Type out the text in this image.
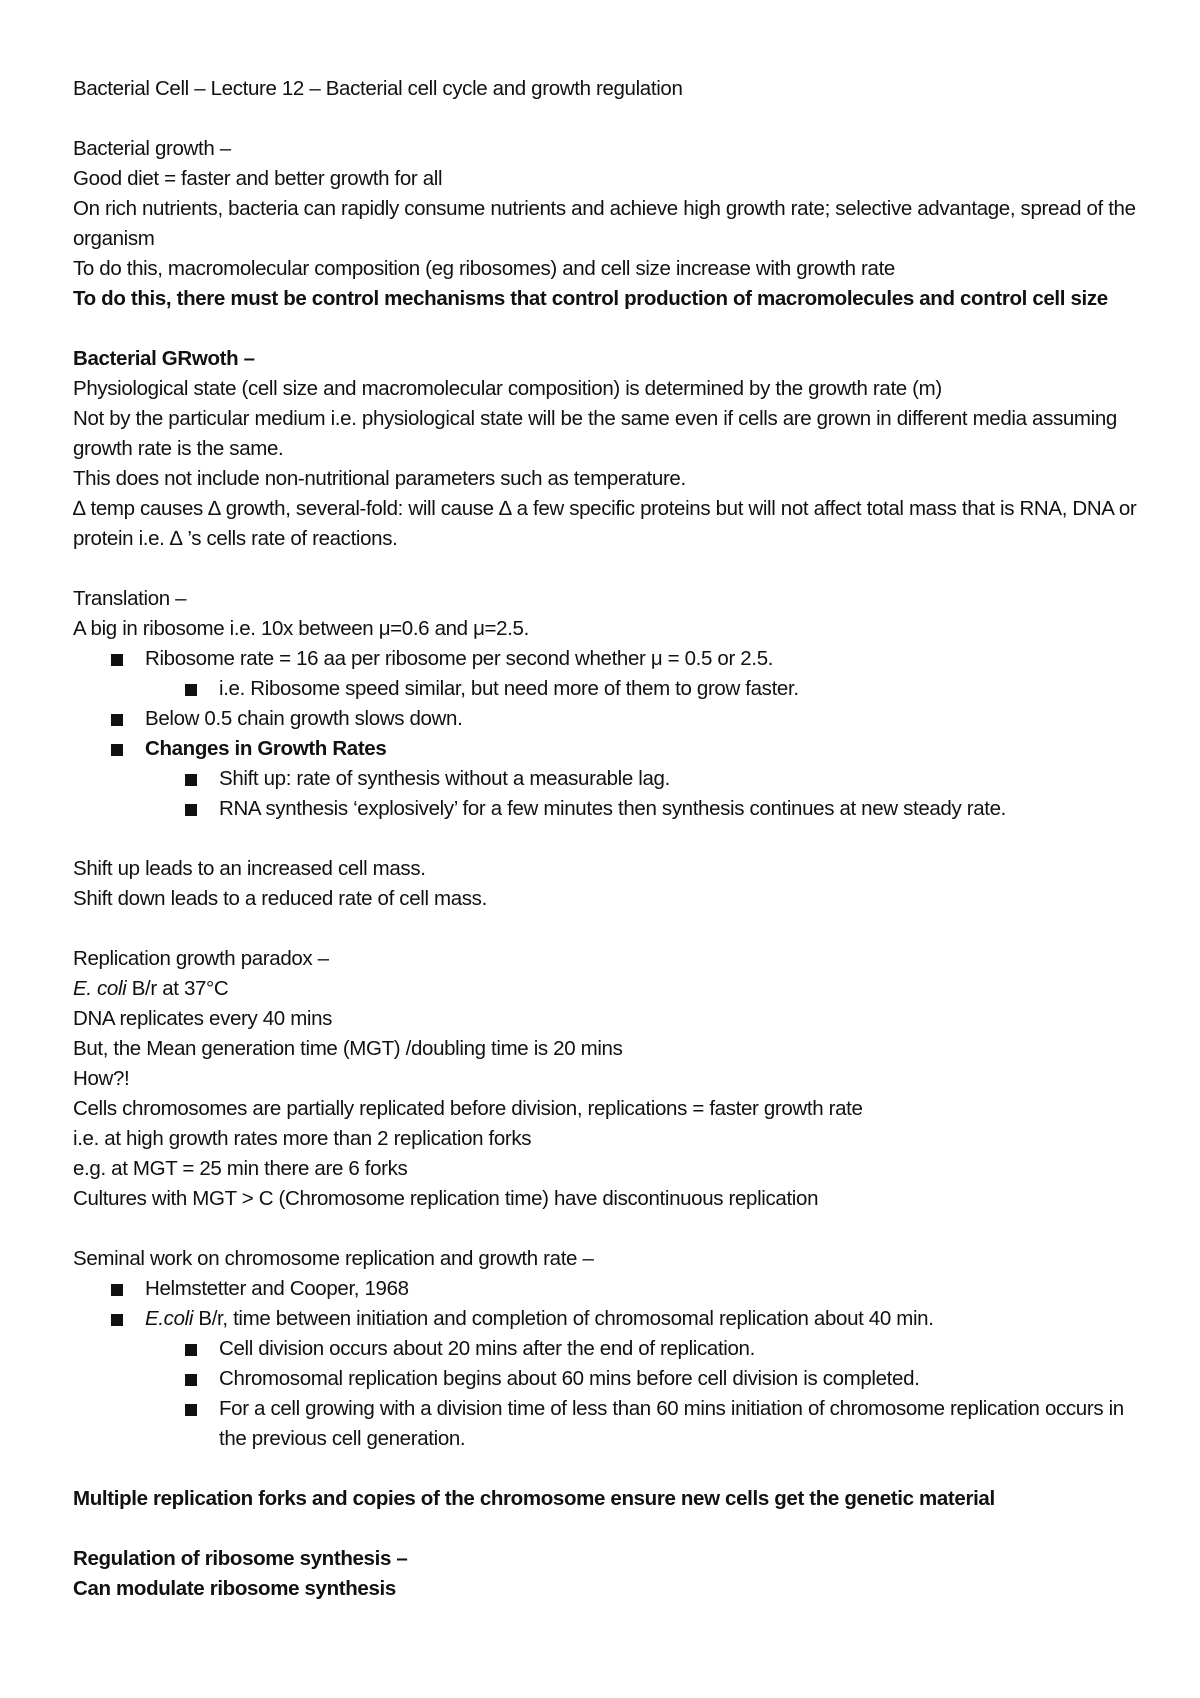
Bacterial Cell – Lecture 12 – Bacterial cell cycle and growth regulation
Bacterial growth –
Good diet = faster and better growth for all
On rich nutrients, bacteria can rapidly consume nutrients and achieve high growth rate; selective advantage, spread of the organism
To do this, macromolecular composition (eg ribosomes) and cell size increase with growth rate
To do this, there must be control mechanisms that control production of macromolecules and control cell size
Bacterial GRwoth –
Physiological state (cell size and macromolecular composition) is determined by the growth rate (m)
Not by the particular medium i.e. physiological state will be the same even if cells are grown in different media assuming growth rate is the same.
This does not include non-nutritional parameters such as temperature.
∆ temp causes ∆ growth, several-fold: will cause ∆ a few specific proteins but will not affect total mass that is RNA, DNA or protein i.e. ∆ ’s cells rate of reactions.
Translation –
A big in ribosome i.e. 10x between μ=0.6 and μ=2.5.
Ribosome rate = 16 aa per ribosome per second whether μ = 0.5 or 2.5.
i.e. Ribosome speed similar, but need more of them to grow faster.
Below 0.5 chain growth slows down.
Changes in Growth Rates
Shift up: rate of synthesis without a measurable lag.
RNA synthesis ‘explosively’ for a few minutes then synthesis continues at new steady rate.
Shift up leads to an increased cell mass.
Shift down leads to a reduced rate of cell mass.
Replication growth paradox –
E. coli B/r at 37°C
DNA replicates every 40 mins
But, the Mean generation time (MGT) /doubling time is 20 mins
How?!
Cells chromosomes are partially replicated before division, replications = faster growth rate
i.e. at high growth rates more than 2 replication forks
e.g. at MGT = 25 min there are 6 forks
Cultures with MGT > C (Chromosome replication time) have discontinuous replication
Seminal work on chromosome replication and growth rate –
Helmstetter and Cooper, 1968
E.coli B/r, time between initiation and completion of chromosomal replication about 40 min.
Cell division occurs about 20 mins after the end of replication.
Chromosomal replication begins about 60 mins before cell division is completed.
For a cell growing with a division time of less than 60 mins initiation of chromosome replication occurs in the previous cell generation.
Multiple replication forks and copies of the chromosome ensure new cells get the genetic material
Regulation of ribosome synthesis –
Can modulate ribosome synthesis
